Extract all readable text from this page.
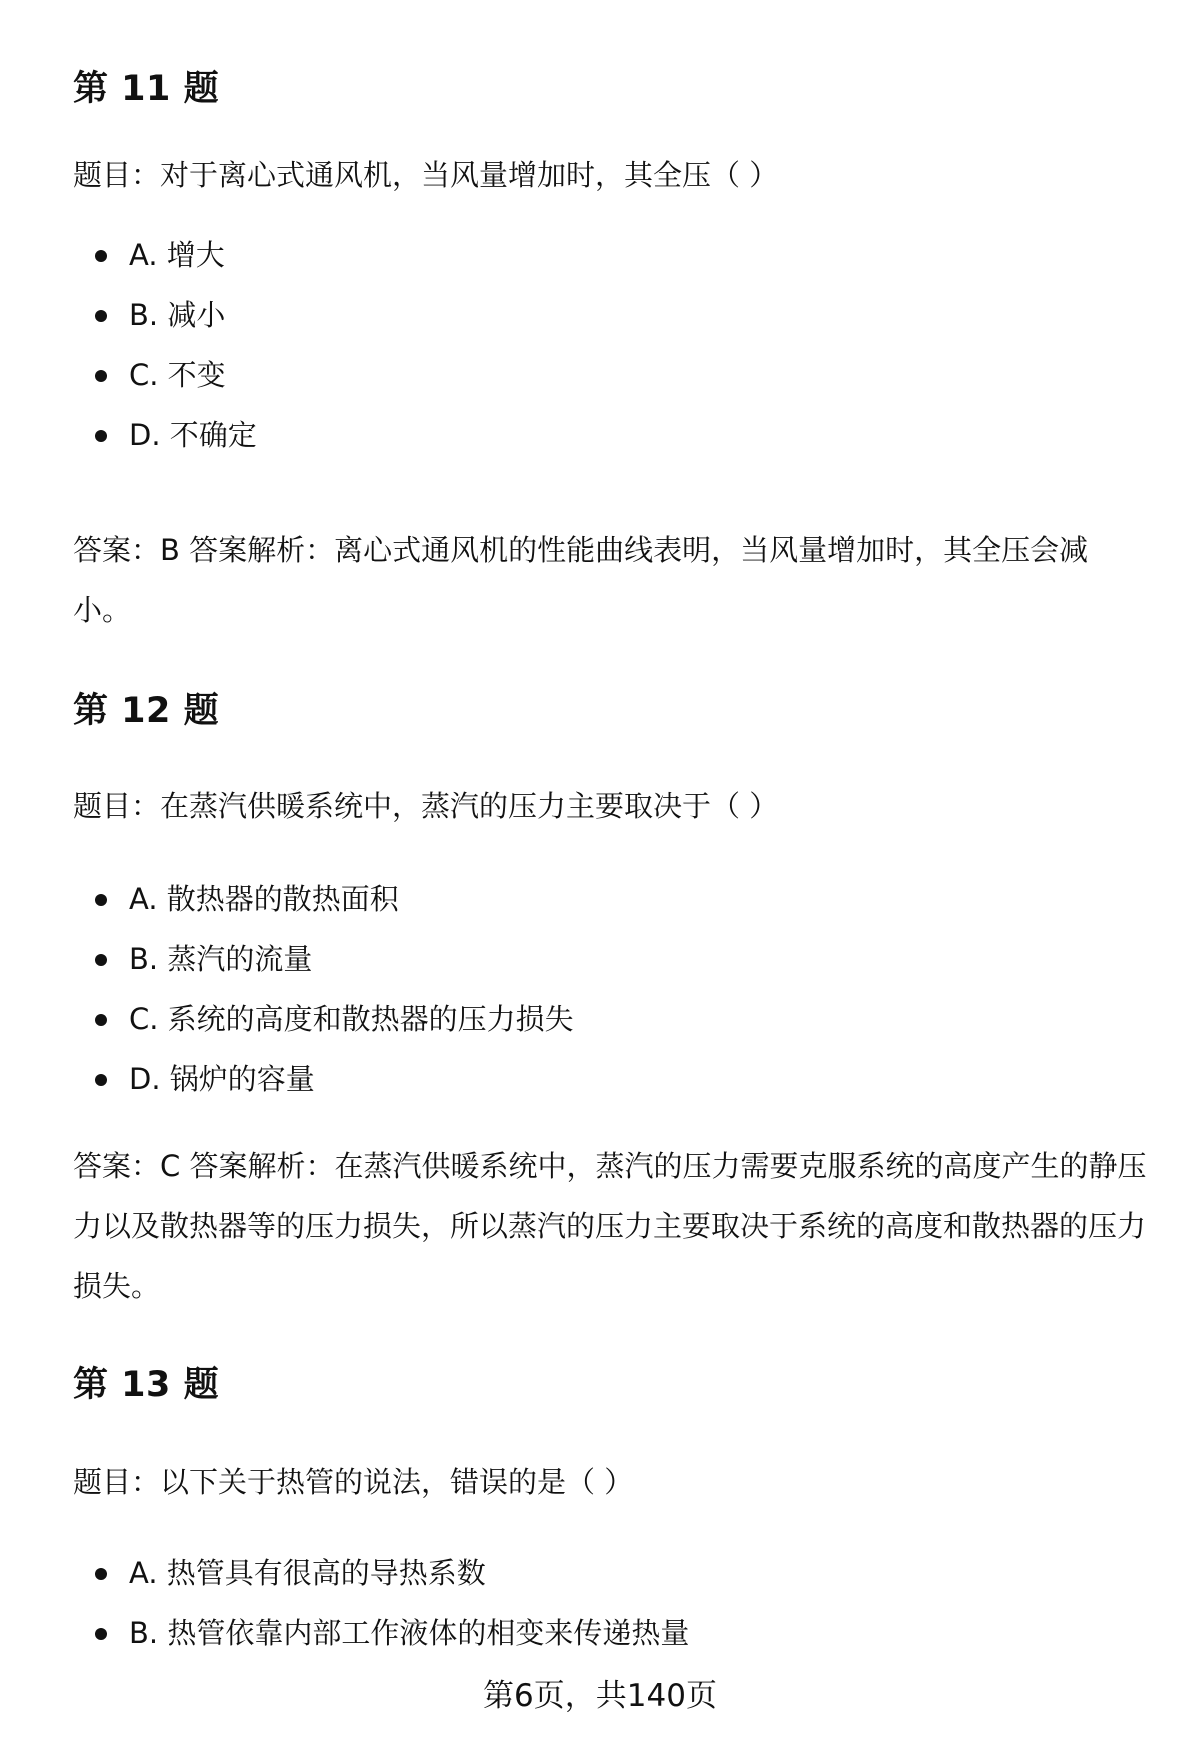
第 11 题

题目：对于离心式通风机，当风量增加时，其全压（ ）

A. 增大
B. 减小
C. 不变
D. 不确定

答案：B 答案解析：离心式通风机的性能曲线表明，当风量增加时，其全压会减小。

第 12 题

题目：在蒸汽供暖系统中，蒸汽的压力主要取决于（ ）

A. 散热器的散热面积
B. 蒸汽的流量
C. 系统的高度和散热器的压力损失
D. 锅炉的容量

答案：C 答案解析：在蒸汽供暖系统中，蒸汽的压力需要克服系统的高度产生的静压力以及散热器等的压力损失，所以蒸汽的压力主要取决于系统的高度和散热器的压力损失。

第 13 题

题目：以下关于热管的说法，错误的是（ ）

A. 热管具有很高的导热系数
B. 热管依靠内部工作液体的相变来传递热量
第6页，共140页
